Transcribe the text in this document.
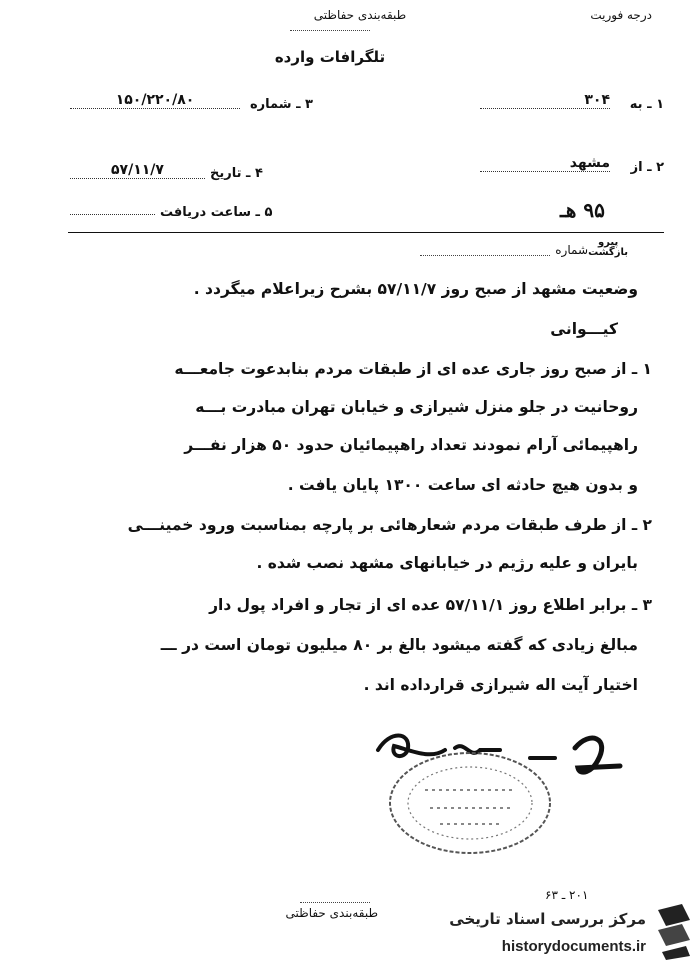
درجه فوریت
طبقه‌بندی حفاظتی
تلگرافات وارده
۱ ـ به
۳۰۴
۲ ـ از
مشهد
۹۵ هـ
۳ ـ شماره
۱۵۰/۲۲۰/۸۰
۴ ـ تاریخ
۵۷/۱۱/۷
۵ ـ ساعت دریافت
پیرو
بازگشت
شماره
وضعیت مشهد از صبح روز ۵۷/۱۱/۷ بشرح زیراعلام میگردد .
کیـــوانی
۱ ـ از صبح روز جاری عده ای از طبقات مردم بنابدعوت جامعـــه
روحانیت در جلو منزل شیرازی و خیابان تهران مبادرت بـــه
راهپیمائی آرام نمودند تعداد راهپیمائیان حدود ۵۰ هزار نفـــر
و بدون هیچ حادثه ای ساعت ۱۳۰۰ پایان یافت .
۲ ـ از طرف طبقات مردم شعارهائی بر پارچه بمناسبت ورود خمینـــی
بایران و علیه رژیم در خیابانهای مشهد نصب شده .
۳ ـ برابر اطلاع روز ۵۷/۱۱/۱ عده ای از تجار و افراد پول دار
مبالغ زیادی که گفته میشود بالغ بر ۸۰ میلیون تومان است در ـــ
اختیار آیت اله شیرازی قرارداده اند .
۲۰۱ ـ ۶۳
طبقه‌بندی حفاظتی	مرکز بررسی اسناد تاریخی
historydocuments.ir
